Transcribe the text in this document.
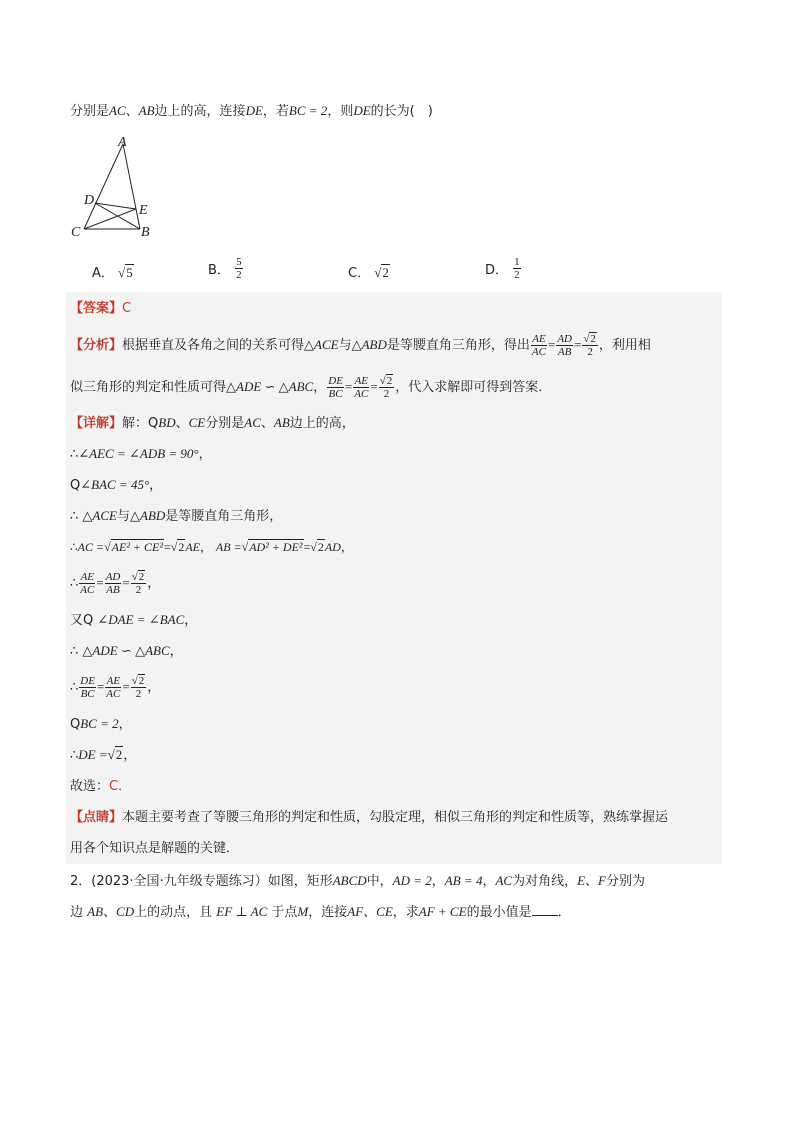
分别是AC、AB边上的高，连接DE，若BC = 2，则DE的长为(　)
A
B
C
D
E
A． √5	B． $\frac{5}{2}$	C． √2	D． $\frac{1}{2}$
【答案】C
【分析】根据垂直及各角之间的关系可得△ACE与△ABD是等腰直角三角形，得出 $\frac{AE}{AC} = \frac{AD}{AB} = \frac{√2}{2}$ ，利用相
似三角形的判定和性质可得△ADE ∽ △ABC， $\frac{DE}{BC} = \frac{AE}{AC} = \frac{√2}{2}$ ，代入求解即可得到答案．
【详解】解：QBD、CE分别是AC、AB边上的高，
∴∠AEC = ∠ADB = 90°，
Q∠BAC = 45°，
∴ △ACE与△ABD是等腰直角三角形，
∴AC =√AE² + CE²=√2AE， AB =√AD² + DE²=√2AD，
∴ $\frac{AE}{AC} = \frac{AD}{AB} = \frac{√2}{2}$ ，
又Q ∠DAE = ∠BAC，
∴ △ADE ∽ △ABC，
∴ $\frac{DE}{BC} = \frac{AE}{AC} = \frac{√2}{2}$ ，
QBC = 2，
∴DE =√2，
故选：C．
【点睛】本题主要考查了等腰三角形的判定和性质，勾股定理，相似三角形的判定和性质等，熟练掌握运
用各个知识点是解题的关键．
2．(2023·全国·九年级专题练习）如图，矩形ABCD中，AD = 2，AB = 4，AC为对角线，E、F分别为
边 AB、CD上的动点，且 EF ⊥ AC 于点M，连接AF、CE，求AF + CE的最小值是 ．
